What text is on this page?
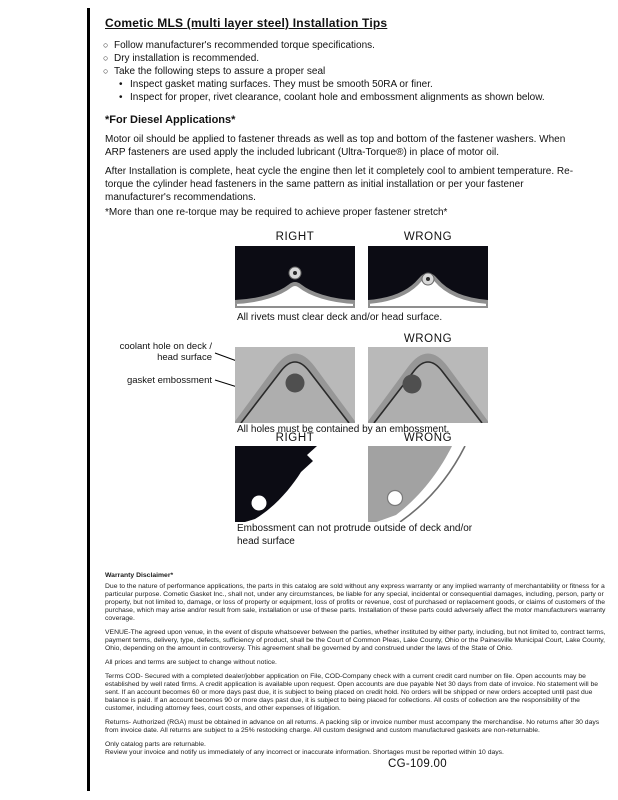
Cometic MLS (multi layer steel) Installation Tips
○ Follow manufacturer's recommended torque specifications.
○ Dry installation is recommended.
○ Take the following steps to assure a proper seal
• Inspect gasket mating surfaces. They must be smooth 50RA or finer.
• Inspect for proper, rivet clearance, coolant hole and embossment alignments as shown below.
*For Diesel Applications*

Motor oil should be applied to fastener threads as well as top and bottom of the fastener washers. When ARP fasteners are used apply the included lubricant (Ultra-Torque®) in place of motor oil.

After Installation is complete, heat cycle the engine then let it completely cool to ambient temperature. Re-torque the cylinder head fasteners in the same pattern as initial installation or per your fastener manufacturer's recommendations.

*More than one re-torque may be required to achieve proper fastener stretch*

RIGHT	WRONG

All rivets must clear deck and/or head surface.

WRONG
coolant hole on deck / head surface
gasket embossment

All holes must be contained by an embossment.

RIGHT	WRONG

Embossment can not protrude outside of deck and/or head surface

Warranty Disclaimer*

Due to the nature of performance applications, the parts in this catalog are sold without any express warranty or any implied warranty of merchantability or fitness for a particular purpose. Cometic Gasket Inc., shall not, under any circumstances, be liable for any special, incidental or consequential damages, including, person, party or property, but not limited to, damage, or loss of property or equipment, loss of profits or revenue, cost of purchased or replacement goods, or claims of customers of the purchase, which may arise and/or result from sale, installation or use of these parts. Installation of these parts could adversely affect the motor manufacturers warranty coverage.

VENUE-The agreed upon venue, in the event of dispute whatsoever between the parties, whether instituted by either party, including, but not limited to, contract terms, payment terms, delivery, type, defects, sufficiency of product, shall be the Court of Common Pleas, Lake County, Ohio or the Painesville Municipal Court, Lake County, Ohio, depending on the amount in controversy. This agreement shall be governed by and construed under the laws of the State of Ohio.

All prices and terms are subject to change without notice.

Terms COD- Secured with a completed dealer/jobber application on File, COD-Company check with a current credit card number on file. Open accounts may be established by well rated firms. A credit application is available upon request. Open accounts are due payable Net 30 days from date of invoice. No statement will be sent. If an account becomes 60 or more days past due, it is subject to being placed on credit hold. No orders will be shipped or new orders accepted until past due balance is paid. If an account becomes 90 or more days past due, it is subject to being placed for collections. All costs of collection are the responsibility of the customer, including attorney fees, court costs, and other expenses of litigation.

Returns- Authorized (RGA) must be obtained in advance on all returns. A packing slip or invoice number must accompany the merchandise. No returns after 30 days from invoice date. All returns are subject to a 25% restocking charge. All custom designed and custom manufactured gaskets are non-returnable.

Only catalog parts are returnable.

Review your invoice and notify us immediately of any incorrect or inaccurate information. Shortages must be reported within 10 days.

CG-109.00
